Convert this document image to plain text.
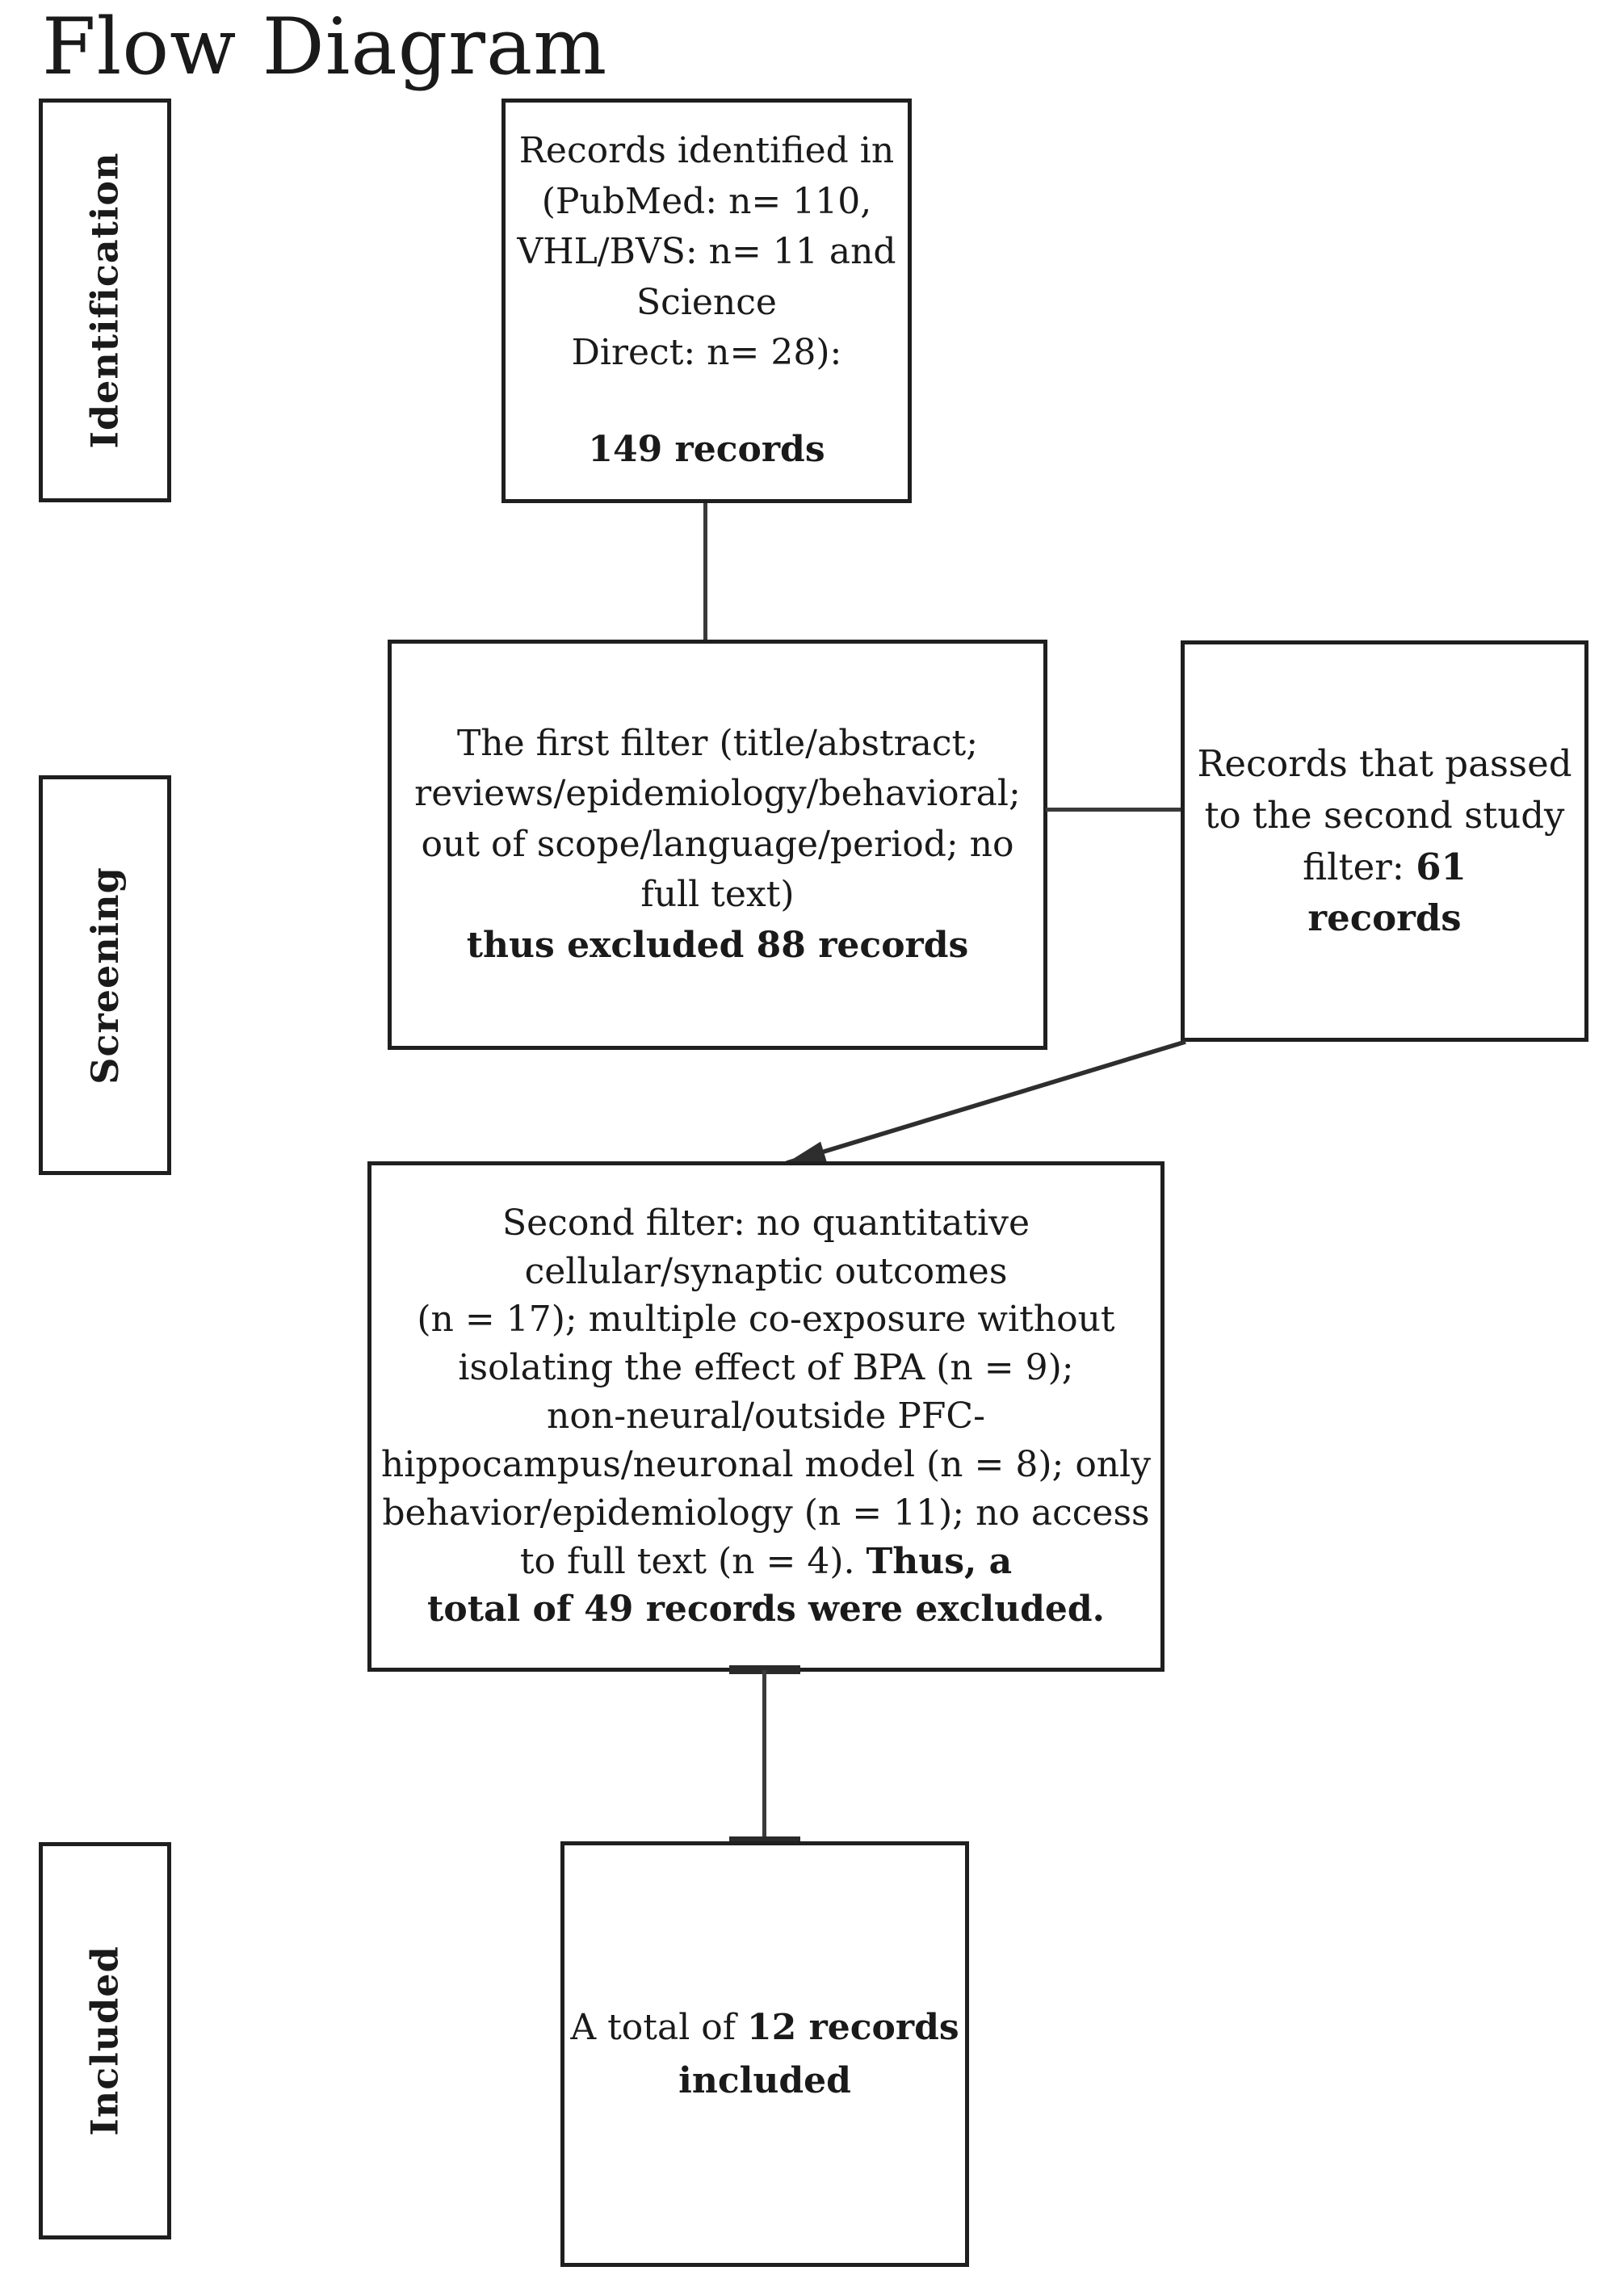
Flow Diagram
Identification
Screening
Included
Records identified in
(PubMed: n= 110,
VHL/BVS: n= 11 and
Science
Direct: n= 28):
149 records
The first filter (title/abstract;
reviews/epidemiology/behavioral;
out of scope/language/period; no
full text)
thus excluded 88 records
Records that passed
to the second study
filter: 61
records
Second filter: no quantitative
cellular/synaptic outcomes
(n = 17); multiple co-exposure without
isolating the effect of BPA (n = 9);
non-neural/outside PFC-
hippocampus/neuronal model (n = 8); only
behavior/epidemiology (n = 11); no access
to full text (n = 4). Thus, a
total of 49 records were excluded.
A total of 12 records
included
